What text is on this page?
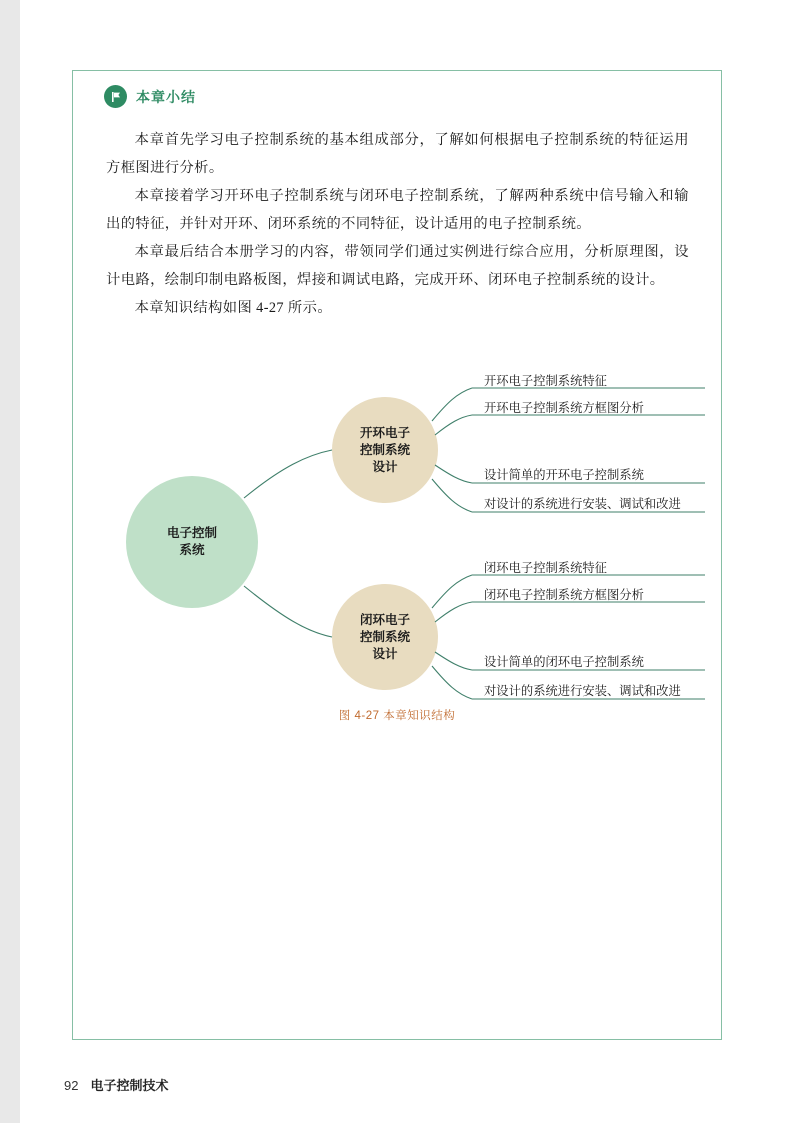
本章小结

本章首先学习电子控制系统的基本组成部分，了解如何根据电子控制系统的特征运用方框图进行分析。

本章接着学习开环电子控制系统与闭环电子控制系统，了解两种系统中信号输入和输出的特征，并针对开环、闭环系统的不同特征，设计适用的电子控制系统。

本章最后结合本册学习的内容，带领同学们通过实例进行综合应用，分析原理图，设计电路，绘制印制电路板图，焊接和调试电路，完成开环、闭环电子控制系统的设计。

本章知识结构如图 4-27 所示。

电子控制
系统
开环电子
控制系统
设计
闭环电子
控制系统
设计
开环电子控制系统特征
开环电子控制系统方框图分析
设计简单的开环电子控制系统
对设计的系统进行安装、调试和改进
闭环电子控制系统特征
闭环电子控制系统方框图分析
设计简单的闭环电子控制系统
对设计的系统进行安装、调试和改进
图 4-27 本章知识结构
92 电子控制技术
